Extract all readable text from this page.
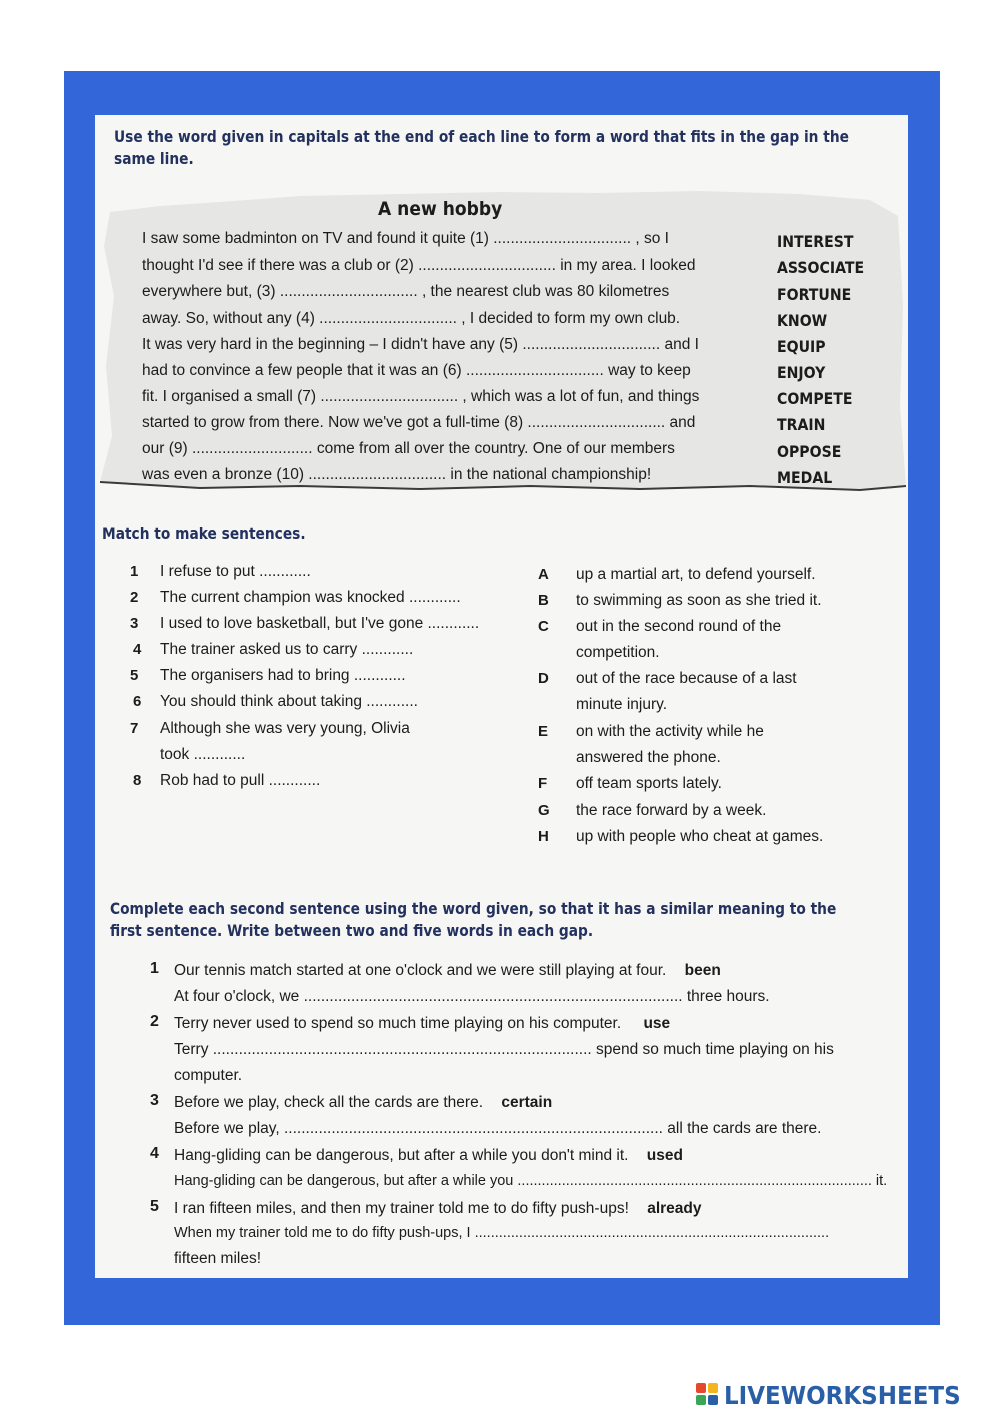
Use the word given in capitals at the end of each line to form a word that fits in the gap in the
same line.
A new hobby
I saw some badminton on TV and found it quite (1) ................................ , so I
thought I'd see if there was a club or (2) ................................ in my area. I looked
everywhere but, (3) ................................ , the nearest club was 80 kilometres
away. So, without any (4) ................................ , I decided to form my own club.
It was very hard in the beginning – I didn't have any (5) ................................ and I
had to convince a few people that it was an (6) ................................ way to keep
fit. I organised a small (7) ................................ , which was a lot of fun, and things
started to grow from there. Now we've got a full-time (8) ................................ and
our (9) ............................ come from all over the country. One of our members
was even a bronze (10) ................................ in the national championship!
INTEREST
ASSOCIATE
FORTUNE
KNOW
EQUIP
ENJOY
COMPETE
TRAIN
OPPOSE
MEDAL
Match to make sentences.
1 I refuse to put ............
2 The current champion was knocked ............
3 I used to love basketball, but I've gone ............
4 The trainer asked us to carry ............
5 The organisers had to bring ............
6 You should think about taking ............
7 Although she was very young, Olivia
took ............
8 Rob had to pull ............
A up a martial art, to defend yourself.
B to swimming as soon as she tried it.
C out in the second round of the
competition.
D out of the race because of a last
minute injury.
E on with the activity while he
answered the phone.
F off team sports lately.
G the race forward by a week.
H up with people who cheat at games.
Complete each second sentence using the word given, so that it has a similar meaning to the
first sentence. Write between two and five words in each gap.
1 Our tennis match started at one o'clock and we were still playing at four. been
At four o'clock, we ........................................................................................ three hours.
2 Terry never used to spend so much time playing on his computer. use
Terry ........................................................................................ spend so much time playing on his
computer.
3 Before we play, check all the cards are there. certain
Before we play, ........................................................................................ all the cards are there.
4 Hang-gliding can be dangerous, but after a while you don't mind it. used
Hang-gliding can be dangerous, but after a while you ........................................................................................ it.
5 I ran fifteen miles, and then my trainer told me to do fifty push-ups! already
When my trainer told me to do fifty push-ups, I ........................................................................................
fifteen miles!
LIVEWORKSHEETS
